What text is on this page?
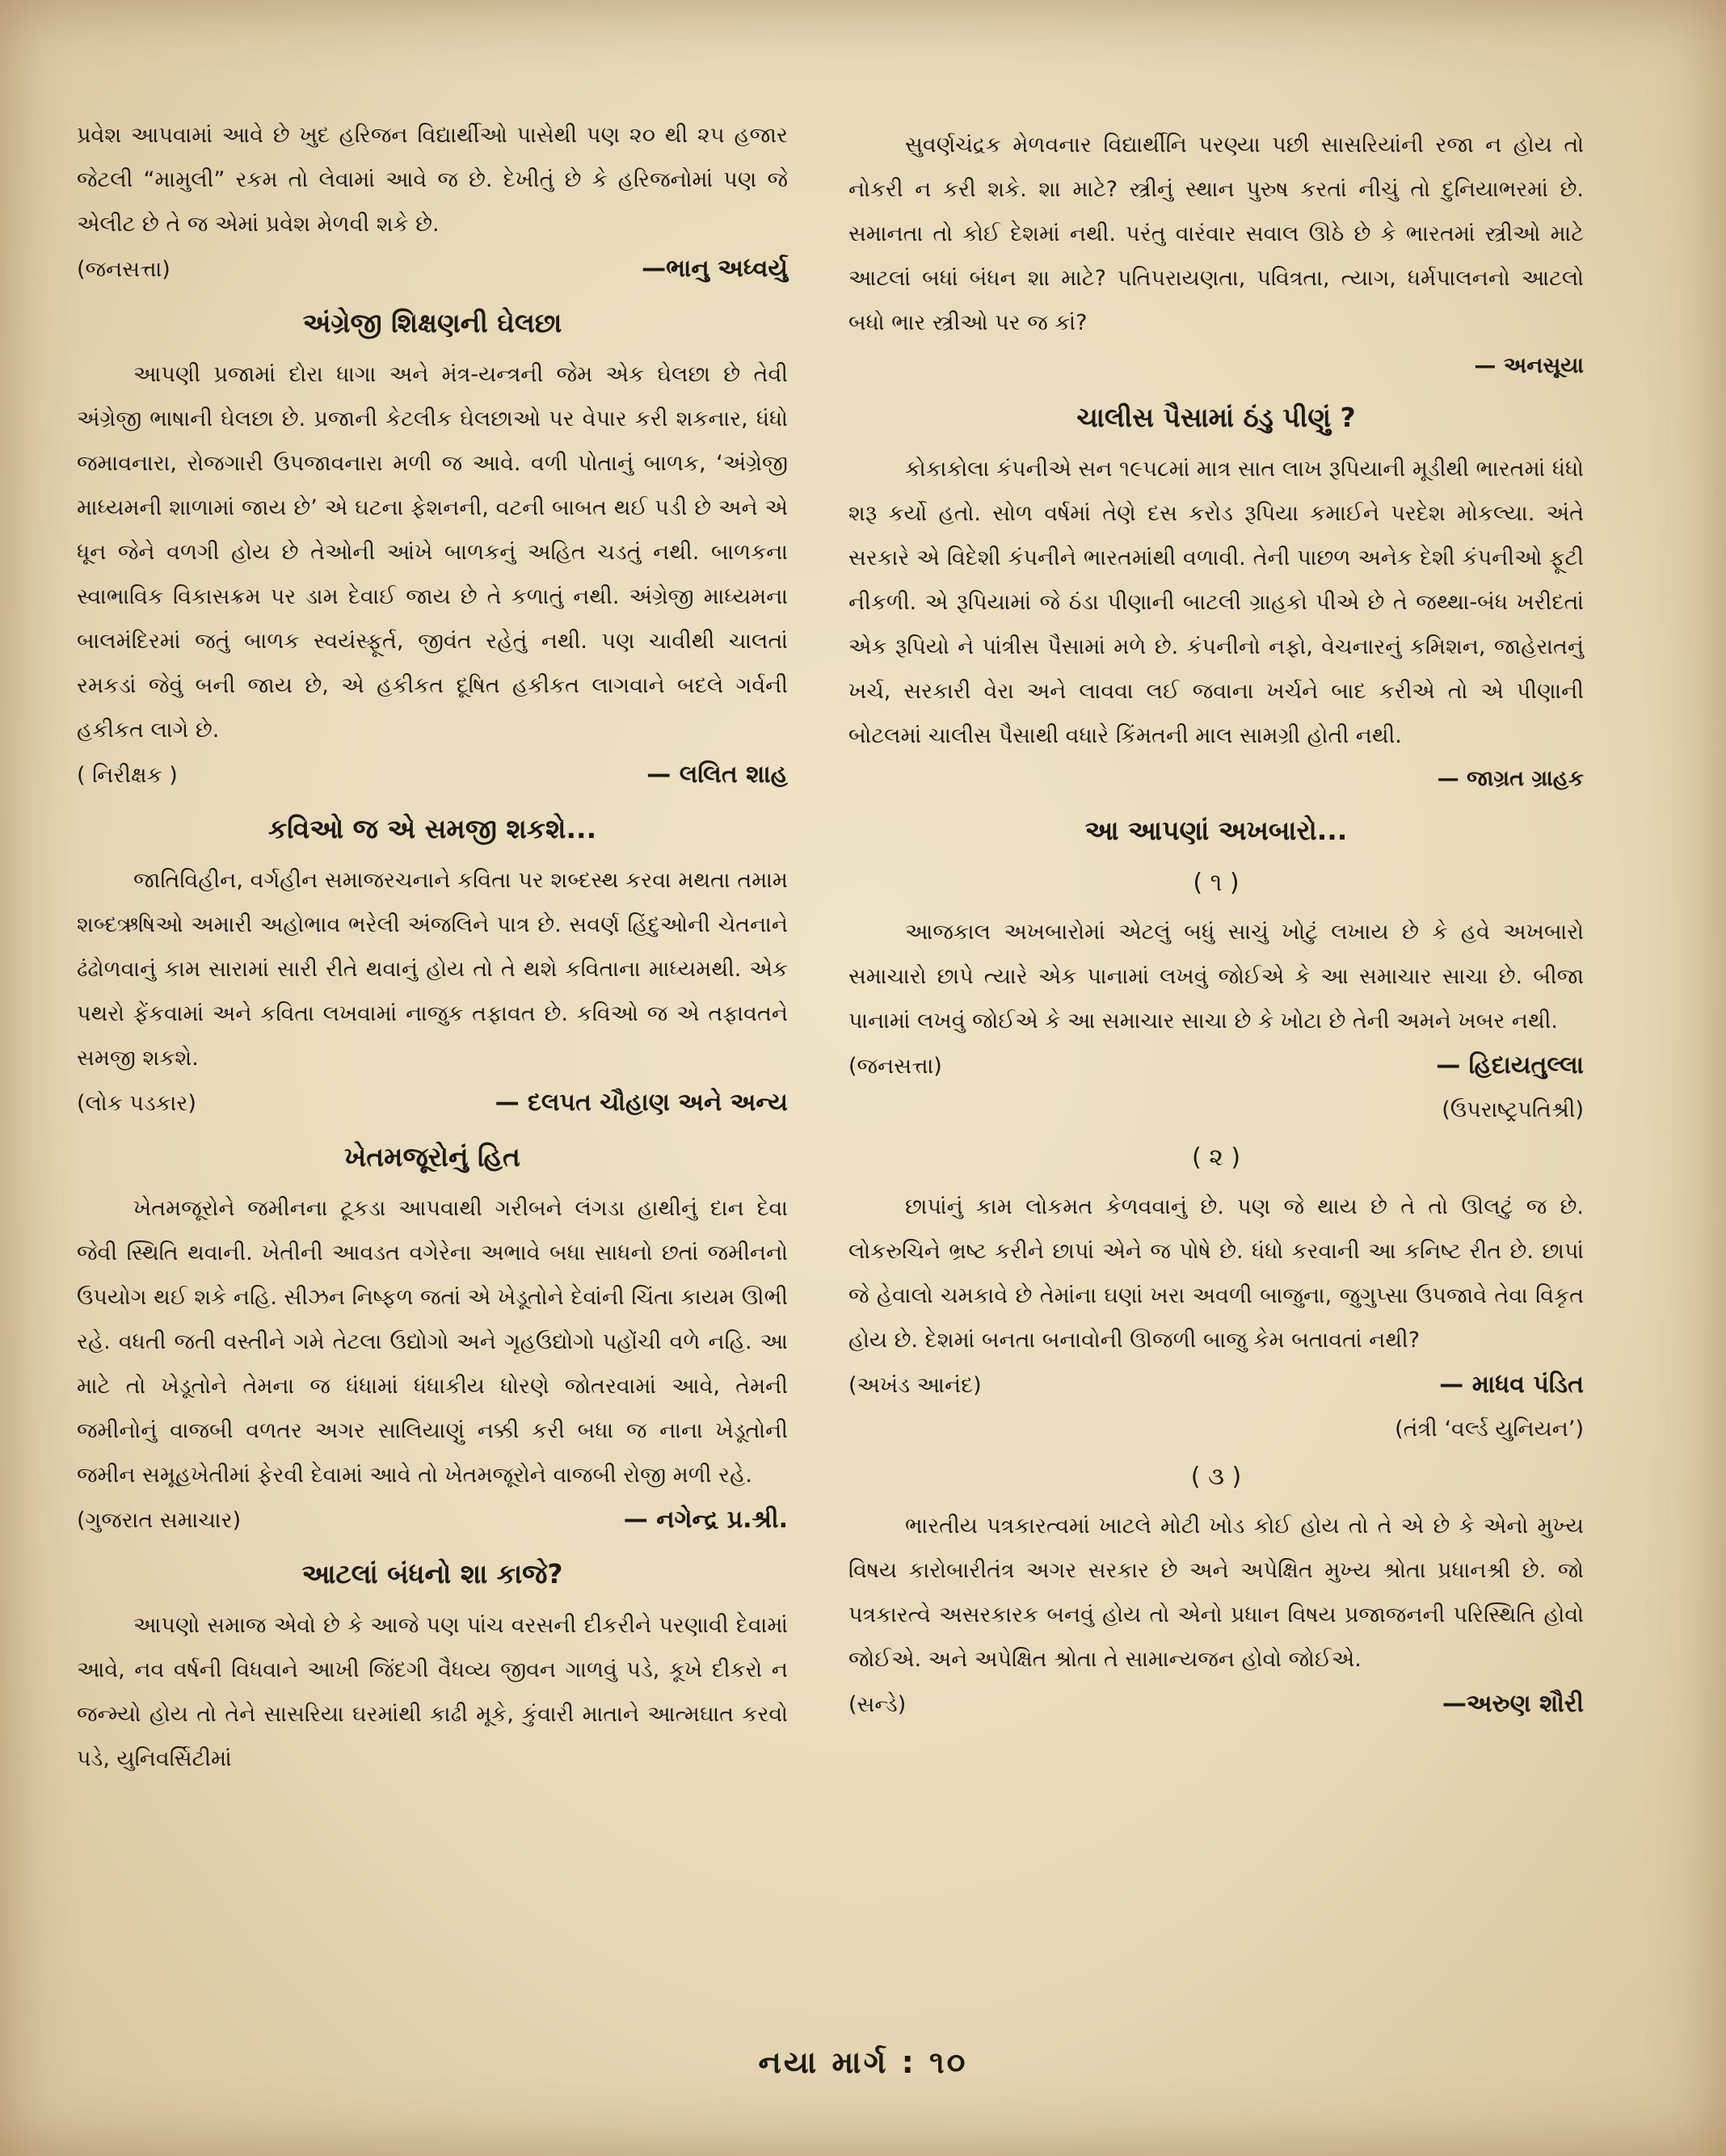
પ્રવેશ આપવામાં આવે છે ખુદ હરિજન વિદ્યાર્થીઓ પાસેથી પણ ૨૦ થી ૨૫ હજાર જેટલી “મામુલી” રકમ તો લેવામાં આવે જ છે. દેખીતું છે કે હરિજનોમાં પણ જે એલીટ છે તે જ એમાં પ્રવેશ મેળવી શકે છે.

(જનસત્તા)	—ભાનુ અધ્વર્યુ
અંગ્રેજી શિક્ષણની ઘેલછા

આપણી પ્રજામાં દોરા ધાગા અને મંત્ર-યન્ત્રની જેમ એક ઘેલછા છે તેવી અંગ્રેજી ભાષાની ઘેલછા છે. પ્રજાની કેટલીક ઘેલછાઓ પર વેપાર કરી શકનાર, ધંધો જમાવનારા, રોજગારી ઉપજાવનારા મળી જ આવે. વળી પોતાનું બાળક, ‘અંગ્રેજી માધ્યમની શાળામાં જાય છે’ એ ઘટના ફેશનની, વટની બાબત થઈ પડી છે અને એ ધૂન જેને વળગી હોય છે તેઓની આંખે બાળકનું અહિત ચડતું નથી. બાળકના સ્વાભાવિક વિકાસક્રમ પર ડામ દેવાઈ જાય છે તે કળાતું નથી. અંગ્રેજી માધ્યમના બાલમંદિરમાં જતું બાળક સ્વયંસ્ફૂર્ત, જીવંત રહેતું નથી. પણ ચાવીથી ચાલતાં રમકડાં જેવું બની જાય છે, એ હકીકત દૂષિત હકીકત લાગવાને બદલે ગર્વની હકીકત લાગે છે.

( નિરીક્ષક )	— લલિત શાહ
કવિઓ જ એ સમજી શકશે...

જાતિવિહીન, વર્ગહીન સમાજરચનાને કવિતા પર શબ્દસ્થ કરવા મથતા તમામ શબ્દઋષિઓ અમારી અહોભાવ ભરેલી અંજલિને પાત્ર છે. સવર્ણ હિંદુઓની ચેતનાને ઢંઢોળવાનું કામ સારામાં સારી રીતે થવાનું હોય તો તે થશે કવિતાના માધ્યમથી. એક પથરો ફેંકવામાં અને કવિતા લખવામાં નાજુક તફાવત છે. કવિઓ જ એ તફાવતને સમજી શકશે.

(લોક પડકાર)	— દલપત ચૌહાણ અને અન્ય
ખેતમજૂરોનું હિત

ખેતમજૂરોને જમીનના ટૂકડા આપવાથી ગરીબને લંગડા હાથીનું દાન દેવા જેવી સ્થિતિ થવાની. ખેતીની આવડત વગેરેના અભાવે બધા સાધનો છતાં જમીનનો ઉપયોગ થઈ શકે નહિ. સીઝન નિષ્ફળ જતાં એ ખેડૂતોને દેવાંની ચિંતા કાયમ ઊભી રહે. વધતી જતી વસ્તીને ગમે તેટલા ઉદ્યોગો અને ગૃહઉદ્યોગો પહોંચી વળે નહિ. આ માટે તો ખેડૂતોને તેમના જ ધંધામાં ધંધાકીય ધોરણે જોતરવામાં આવે, તેમની જમીનોનું વાજબી વળતર અગર સાલિયાણું નક્કી કરી બધા જ નાના ખેડૂતોની જમીન સમૂહખેતીમાં ફેરવી દેવામાં આવે તો ખેતમજૂરોને વાજબી રોજી મળી રહે.

(ગુજરાત સમાચાર)	— નગેન્દ્ર પ્ર.શ્રી.
આટલાં બંધનો શા કાજે?

આપણો સમાજ એવો છે કે આજે પણ પાંચ વરસની દીકરીને પરણાવી દેવામાં આવે, નવ વર્ષની વિધવાને આખી જિંદગી વૈધવ્ય જીવન ગાળવું પડે, કૂખે દીકરો ન જન્મ્યો હોય તો તેને સાસરિયા ઘરમાંથી કાઢી મૂકે, કુંવારી માતાને આત્મઘાત કરવો પડે, યુનિવર્સિટીમાં

સુવર્ણચંદ્રક મેળવનાર વિદ્યાર્થીનિ પરણ્યા પછી સાસરિયાંની રજા ન હોય તો નોકરી ન કરી શકે. શા માટે? સ્ત્રીનું સ્થાન પુરુષ કરતાં નીચું તો દુનિયાભરમાં છે. સમાનતા તો કોઈ દેશમાં નથી. પરંતુ વારંવાર સવાલ ઊઠે છે કે ભારતમાં સ્ત્રીઓ માટે આટલાં બધાં બંધન શા માટે? પતિપરાયણતા, પવિત્રતા, ત્યાગ, ધર્મપાલનનો આટલો બધો ભાર સ્ત્રીઓ પર જ કાં?

— અનસૂયા
ચાલીસ પૈસામાં ઠંડુ પીણું ?

કોકાકોલા કંપનીએ સન ૧૯૫૮માં માત્ર સાત લાખ રૂપિયાની મૂડીથી ભારતમાં ધંધો શરૂ કર્યો હતો. સોળ વર્ષમાં તેણે દસ કરોડ રૂપિયા કમાઈને પરદેશ મોકલ્યા. અંતે સરકારે એ વિદેશી કંપનીને ભારતમાંથી વળાવી. તેની પાછળ અનેક દેશી કંપનીઓ ફૂટી નીકળી. એ રૂપિયામાં જે ઠંડા પીણાની બાટલી ગ્રાહકો પીએ છે તે જથ્થા-બંધ ખરીદતાં એક રૂપિયો ને પાંત્રીસ પૈસામાં મળે છે. કંપનીનો નફો, વેચનારનું કમિશન, જાહેરાતનું ખર્ચ, સરકારી વેરા અને લાવવા લઈ જવાના ખર્ચને બાદ કરીએ તો એ પીણાની બોટલમાં ચાલીસ પૈસાથી વધારે કિંમતની માલ સામગ્રી હોતી નથી.

— જાગ્રત ગ્રાહક
આ આપણાં અખબારો...
( ૧ )

આજકાલ અખબારોમાં એટલું બધું સાચું ખોટું લખાય છે કે હવે અખબારો સમાચારો છાપે ત્યારે એક પાનામાં લખવું જોઈએ કે આ સમાચાર સાચા છે. બીજા પાનામાં લખવું જોઈએ કે આ સમાચાર સાચા છે કે ખોટા છે તેની અમને ખબર નથી.

(જનસત્તા)	— હિદાયતુલ્લા
(ઉપરાષ્ટ્રપતિશ્રી)
( ૨ )

છાપાંનું કામ લોકમત કેળવવાનું છે. પણ જે થાય છે તે તો ઊલટું જ છે. લોકરુચિને ભ્રષ્ટ કરીને છાપાં એને જ પોષે છે. ધંધો કરવાની આ કનિષ્ટ રીત છે. છાપાં જે હેવાલો ચમકાવે છે તેમાંના ઘણાં ખરા અવળી બાજુના, જુગુપ્સા ઉપજાવે તેવા વિકૃત હોય છે. દેશમાં બનતા બનાવોની ઊજળી બાજુ કેમ બતાવતાં નથી?

(અખંડ આનંદ)	— માધવ પંડિત
(તંત્રી ‘વર્લ્ડ યુનિયન’)
( ૩ )

ભારતીય પત્રકારત્વમાં ખાટલે મોટી ખોડ કોઈ હોય તો તે એ છે કે એનો મુખ્ય વિષય કારોબારીતંત્ર અગર સરકાર છે અને અપેક્ષિત મુખ્ય શ્રોતા પ્રધાનશ્રી છે. જો પત્રકારત્વે અસરકારક બનવું હોય તો એનો પ્રધાન વિષય પ્રજાજનની પરિસ્થિતિ હોવો જોઈએ. અને અપેક્ષિત શ્રોતા તે સામાન્યજન હોવો જોઈએ.

(સન્ડે)	—અરુણ શૌરી
નયા માર્ગ : ૧૦
